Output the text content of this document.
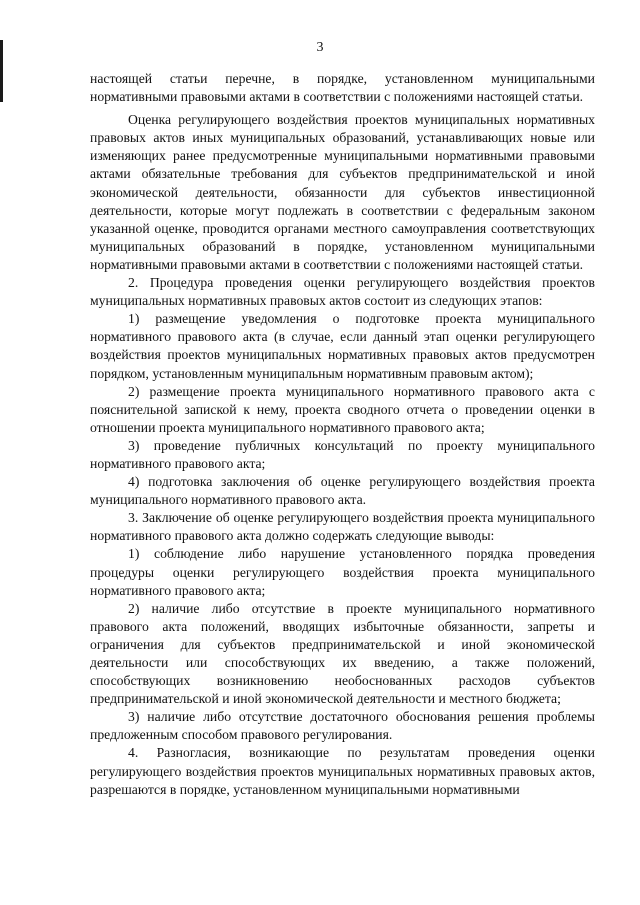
3

настоящей статьи перечне, в порядке, установленном муниципальными нормативными правовыми актами в соответствии с положениями настоящей статьи.

Оценка регулирующего воздействия проектов муниципальных нормативных правовых актов иных муниципальных образований, устанавливающих новые или изменяющих ранее предусмотренные муниципальными нормативными правовыми актами обязательные требования для субъектов предпринимательской и иной экономической деятельности, обязанности для субъектов инвестиционной деятельности, которые могут подлежать в соответствии с федеральным законом указанной оценке, проводится органами местного самоуправления соответствующих муниципальных образований в порядке, установленном муниципальными нормативными правовыми актами в соответствии с положениями настоящей статьи.

2. Процедура проведения оценки регулирующего воздействия проектов муниципальных нормативных правовых актов состоит из следующих этапов:

1) размещение уведомления о подготовке проекта муниципального нормативного правового акта (в случае, если данный этап оценки регулирующего воздействия проектов муниципальных нормативных правовых актов предусмотрен порядком, установленным муниципальным нормативным правовым актом);

2) размещение проекта муниципального нормативного правового акта с пояснительной запиской к нему, проекта сводного отчета о проведении оценки в отношении проекта муниципального нормативного правового акта;

3) проведение публичных консультаций по проекту муниципального нормативного правового акта;

4) подготовка заключения об оценке регулирующего воздействия проекта муниципального нормативного правового акта.

3. Заключение об оценке регулирующего воздействия проекта муниципального нормативного правового акта должно содержать следующие выводы:

1) соблюдение либо нарушение установленного порядка проведения процедуры оценки регулирующего воздействия проекта муниципального нормативного правового акта;

2) наличие либо отсутствие в проекте муниципального нормативного правового акта положений, вводящих избыточные обязанности, запреты и ограничения для субъектов предпринимательской и иной экономической деятельности или способствующих их введению, а также положений, способствующих возникновению необоснованных расходов субъектов предпринимательской и иной экономической деятельности и местного бюджета;

3) наличие либо отсутствие достаточного обоснования решения проблемы предложенным способом правового регулирования.

4. Разногласия, возникающие по результатам проведения оценки регулирующего воздействия проектов муниципальных нормативных правовых актов, разрешаются в порядке, установленном муниципальными нормативными
